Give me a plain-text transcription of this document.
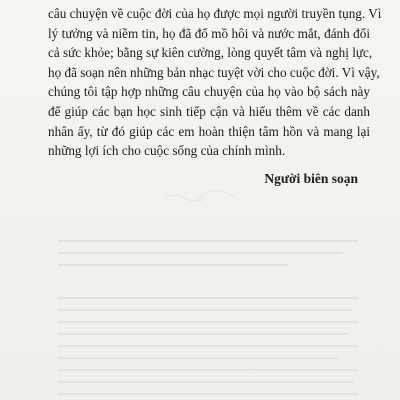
câu chuyện về cuộc đời của họ được mọi người truyền tụng. Vì
lý tưởng và niềm tin, họ đã đổ mồ hôi và nước mắt, đánh đổi
cả sức khỏe; bằng sự kiên cường, lòng quyết tâm và nghị lực,
họ đã soạn nên những bản nhạc tuyệt vời cho cuộc đời. Vì vậy,
chúng tôi tập hợp những câu chuyện của họ vào bộ sách này
để giúp các bạn học sinh tiếp cận và hiểu thêm về các danh
nhân ấy, từ đó giúp các em hoàn thiện tâm hồn và mang lại
những lợi ích cho cuộc sống của chính mình.

Người biên soạn
